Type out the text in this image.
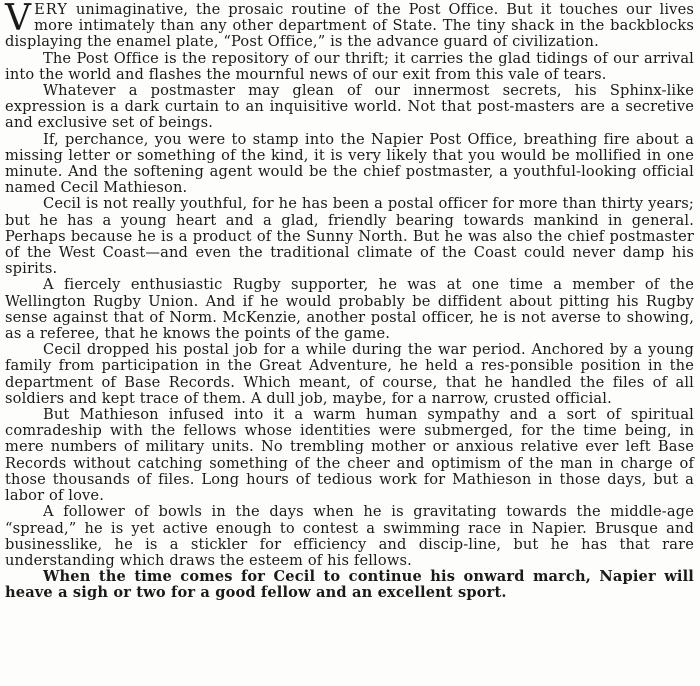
VERY unimaginative, the prosaic routine of the Post Office. But it touches our lives more intimately than any other department of State. The tiny shack in the backblocks displaying the enamel plate, “Post Office,” is the advance guard of civilization.

The Post Office is the repository of our thrift; it carries the glad tidings of our arrival into the world and flashes the mournful news of our exit from this vale of tears.

Whatever a postmaster may glean of our innermost secrets, his Sphinx-like expression is a dark curtain to an inquisitive world. Not that post-masters are a secretive and exclusive set of beings.

If, perchance, you were to stamp into the Napier Post Office, breathing fire about a missing letter or something of the kind, it is very likely that you would be mollified in one minute. And the softening agent would be the chief postmaster, a youthful-looking official named Cecil Mathieson.

Cecil is not really youthful, for he has been a postal officer for more than thirty years; but he has a young heart and a glad, friendly bearing towards mankind in general. Perhaps because he is a product of the Sunny North. But he was also the chief postmaster of the West Coast—and even the traditional climate of the Coast could never damp his spirits.

A fiercely enthusiastic Rugby supporter, he was at one time a member of the Wellington Rugby Union. And if he would probably be diffident about pitting his Rugby sense against that of Norm. McKenzie, another postal officer, he is not averse to showing, as a referee, that he knows the points of the game.

Cecil dropped his postal job for a while during the war period. Anchored by a young family from participation in the Great Adventure, he held a res-ponsible position in the department of Base Records. Which meant, of course, that he handled the files of all soldiers and kept trace of them. A dull job, maybe, for a narrow, crusted official.

But Mathieson infused into it a warm human sympathy and a sort of spiritual comradeship with the fellows whose identities were submerged, for the time being, in mere numbers of military units. No trembling mother or anxious relative ever left Base Records without catching something of the cheer and optimism of the man in charge of those thousands of files. Long hours of tedious work for Mathieson in those days, but a labor of love.

A follower of bowls in the days when he is gravitating towards the middle-age “spread,” he is yet active enough to contest a swimming race in Napier. Brusque and businesslike, he is a stickler for efficiency and discip-line, but he has that rare understanding which draws the esteem of his fellows.

When the time comes for Cecil to continue his onward march, Napier will heave a sigh or two for a good fellow and an excellent sport.
